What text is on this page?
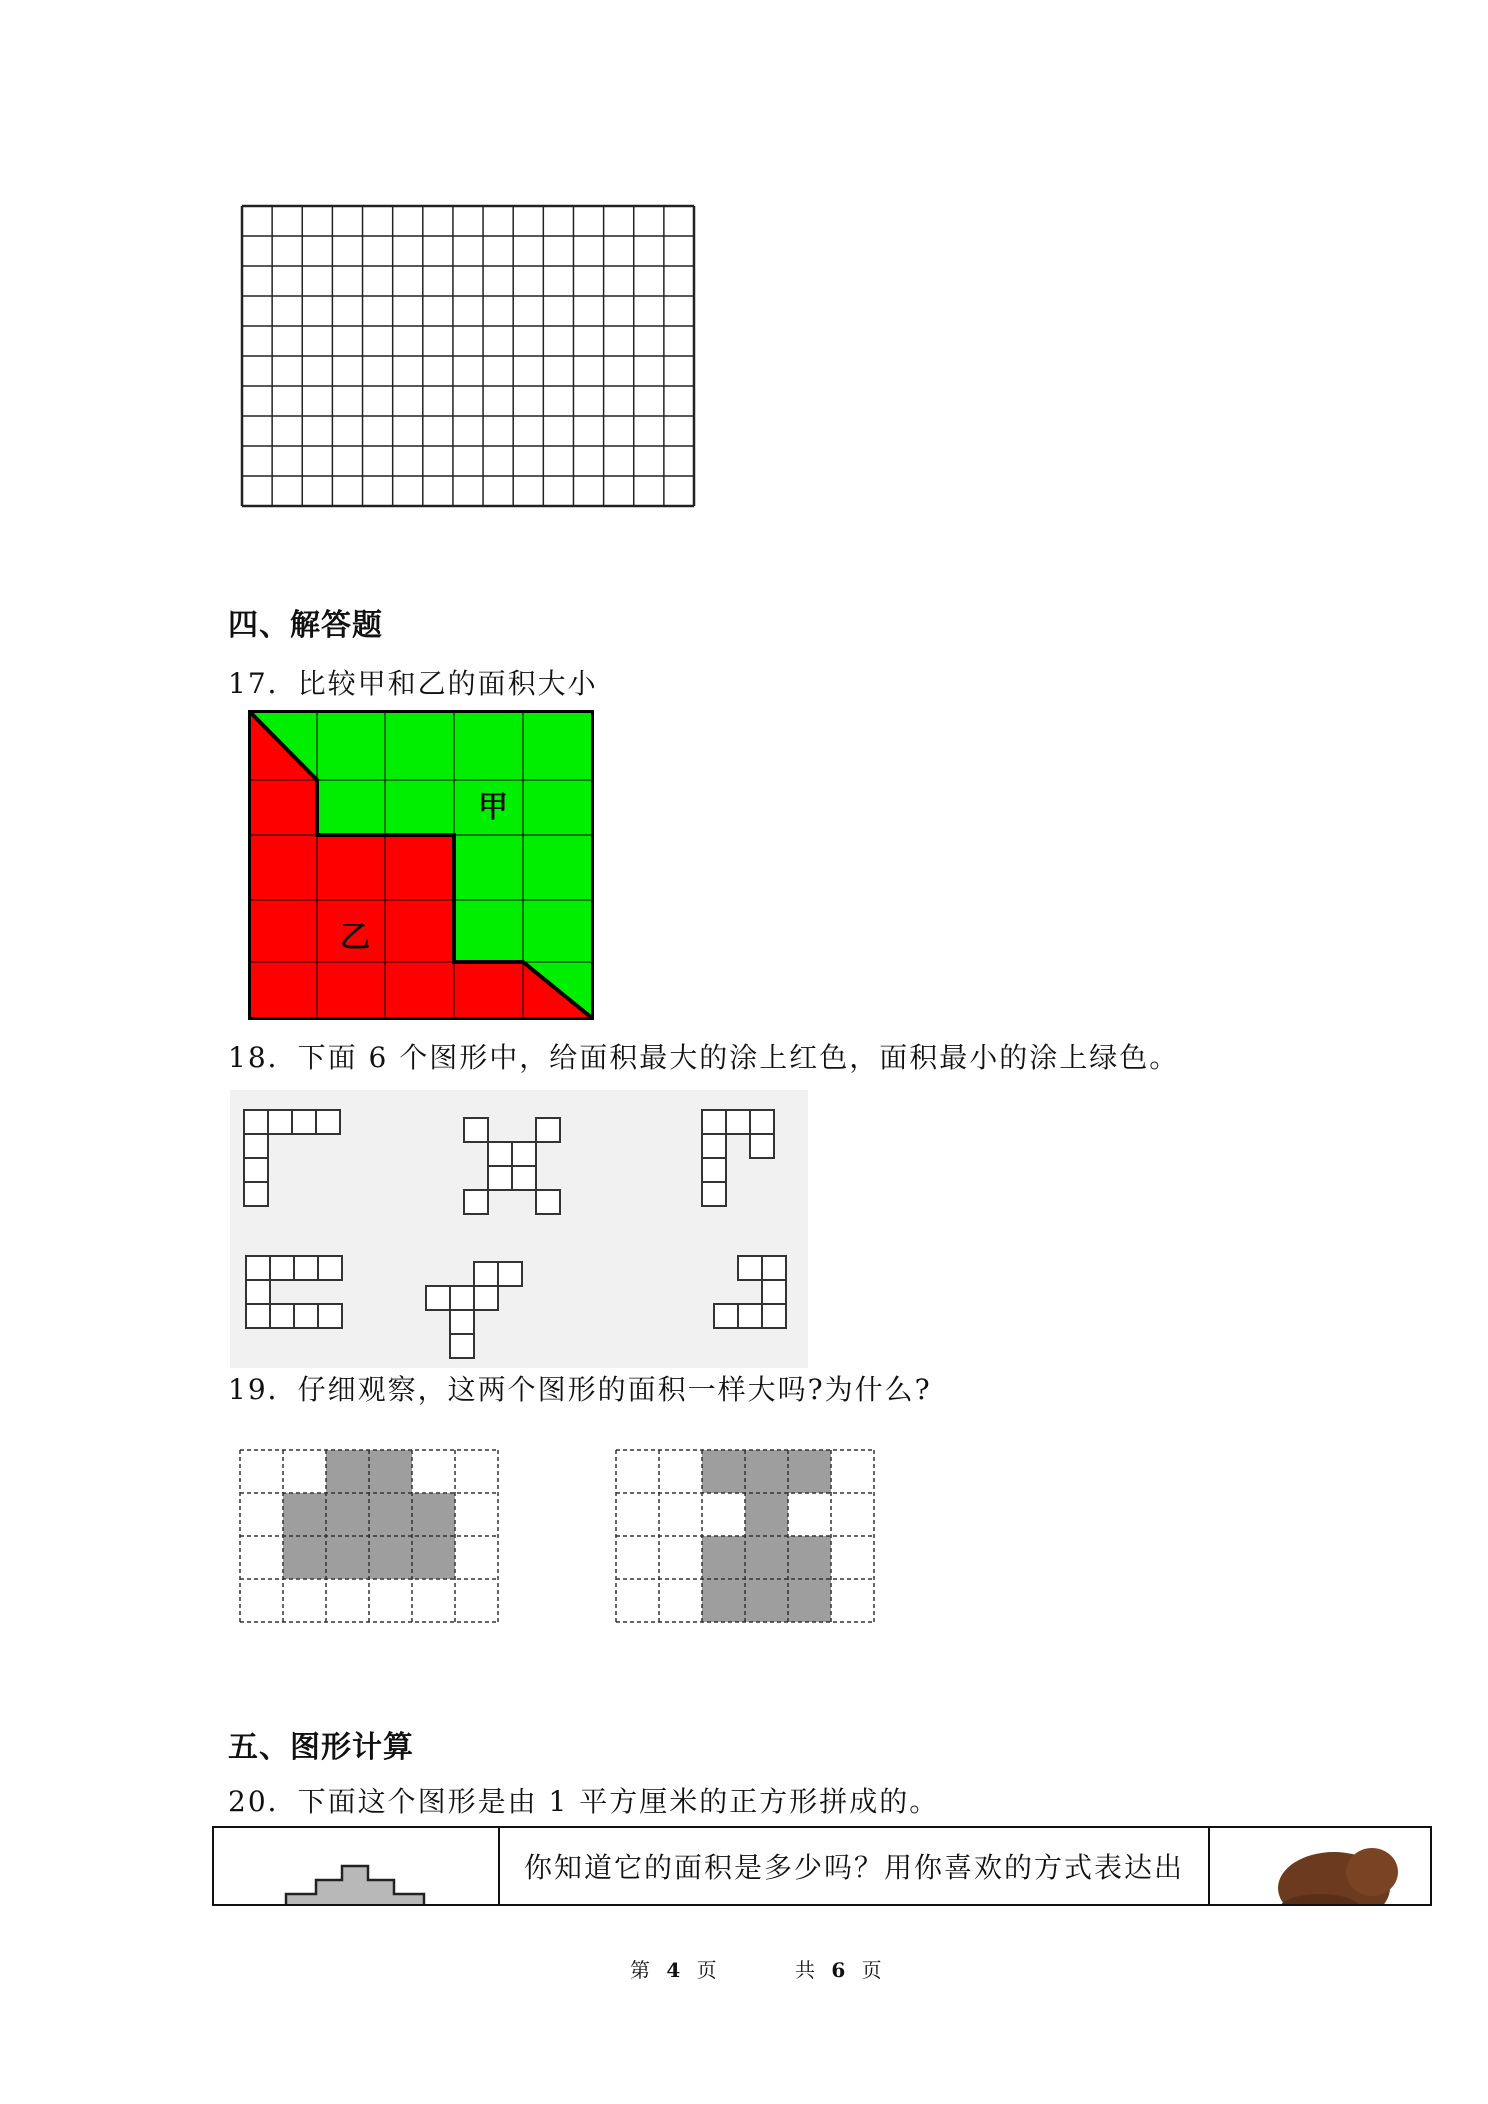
四、解答题
17．比较甲和乙的面积大小
甲
乙
18．下面 6 个图形中，给面积最大的涂上红色，面积最小的涂上绿色。
19．仔细观察，这两个图形的面积一样大吗?为什么?
五、图形计算
20．下面这个图形是由 1 平方厘米的正方形拼成的。
你知道它的面积是多少吗？用你喜欢的方式表达出
第 4 页	共 6 页
